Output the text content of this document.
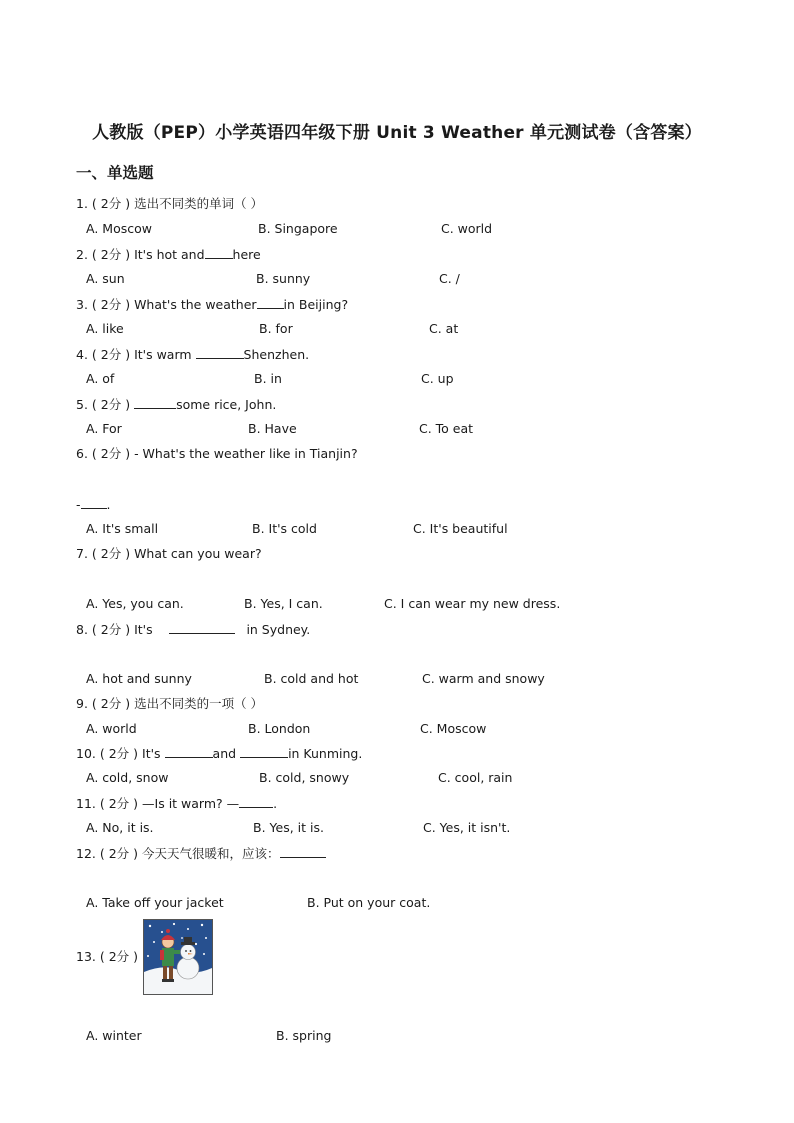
人教版（PEP）小学英语四年级下册 Unit 3 Weather 单元测试卷（含答案）
一、单选题
1. ( 2分 ) 选出不同类的单词（ ）
A. Moscow	B. Singapore	C. world
2. ( 2分 ) It's hot and here
A. sun	B. sunny	C. /
3. ( 2分 ) What's the weather in Beijing?
A. like	B. for	C. at
4. ( 2分 ) It's warm	Shenzhen.
A. of	B. in	C. up
5. ( 2分 )	some rice, John.
A. For	B. Have	C. To eat
6. ( 2分 ) - What's the weather like in Tianjin?
- .
A. It's small	B. It's cold	C. It's beautiful
7. ( 2分 ) What can you wear?
A. Yes, you can.	B. Yes, I can.	C. I can wear my new dress.
8. ( 2分 ) It's	in Sydney.
A. hot and sunny	B. cold and hot	C. warm and snowy
9. ( 2分 ) 选出不同类的一项（ ）
A. world	B. London	C. Moscow
10. ( 2分 ) It's	and	in Kunming.
A. cold, snow	B. cold, snowy	C. cool, rain
11. ( 2分 ) —Is it warm? —	.
A. No, it is.	B. Yes, it is.	C. Yes, it isn't.
12. ( 2分 ) 今天天气很暖和，应该：
A. Take off your jacket	B. Put on your coat.
13. ( 2分 )
A. winter	B. spring
